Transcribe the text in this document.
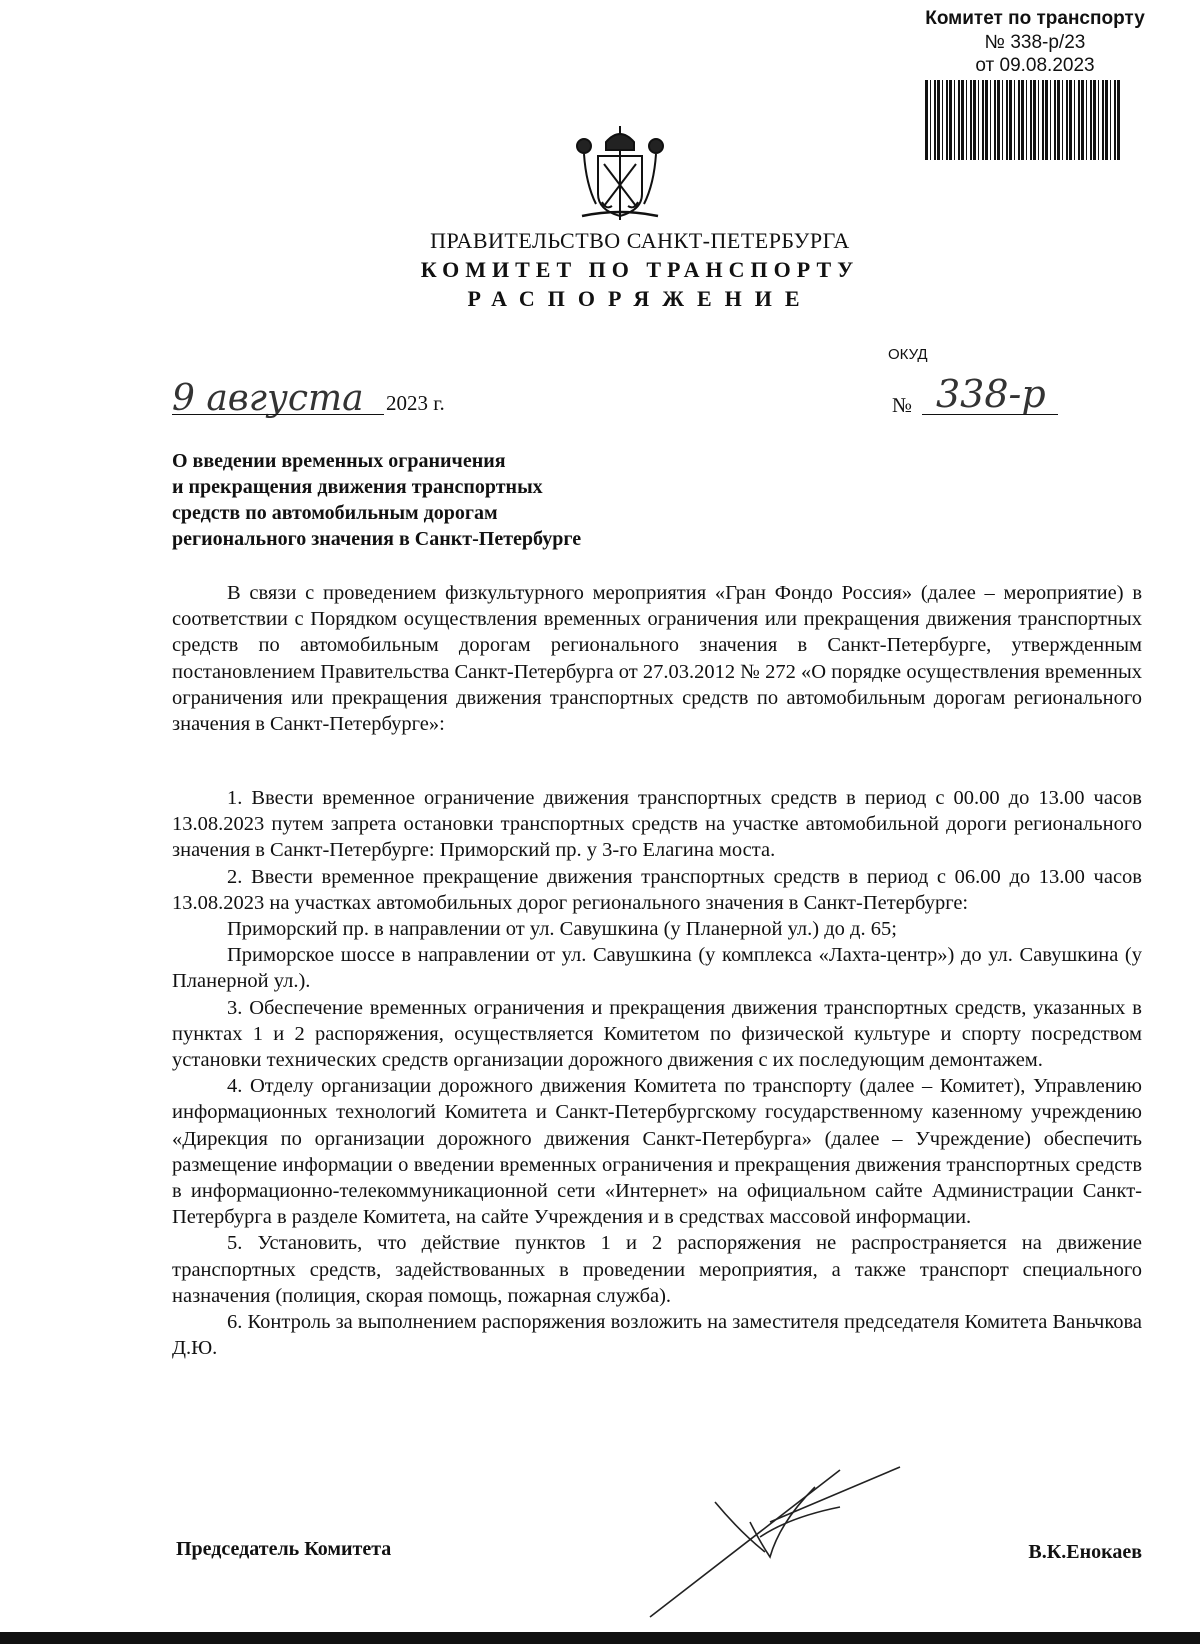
Комитет по транспорту
№ 338-р/23
от 09.08.2023
ПРАВИТЕЛЬСТВО САНКТ-ПЕТЕРБУРГА
КОМИТЕТ ПО ТРАНСПОРТУ
РАСПОРЯЖЕНИЕ
ОКУД
9 августа 2023 г.	№ 338-р
О введении временных ограничения
и прекращения движения транспортных
средств по автомобильным дорогам
регионального значения в Санкт-Петербурге

В связи с проведением физкультурного мероприятия «Гран Фондо Россия» (далее – мероприятие) в соответствии с Порядком осуществления временных ограничения или прекращения движения транспортных средств по автомобильным дорогам регионального значения в Санкт-Петербурге, утвержденным постановлением Правительства Санкт-Петербурга от 27.03.2012 № 272 «О порядке осуществления временных ограничения или прекращения движения транспортных средств по автомобильным дорогам регионального значения в Санкт-Петербурге»:

1. Ввести временное ограничение движения транспортных средств в период с 00.00 до 13.00 часов 13.08.2023 путем запрета остановки транспортных средств на участке автомобильной дороги регионального значения в Санкт-Петербурге: Приморский пр. у 3-го Елагина моста.

2. Ввести временное прекращение движения транспортных средств в период с 06.00 до 13.00 часов 13.08.2023 на участках автомобильных дорог регионального значения в Санкт-Петербурге:

Приморский пр. в направлении от ул. Савушкина (у Планерной ул.) до д. 65;

Приморское шоссе в направлении от ул. Савушкина (у комплекса «Лахта-центр») до ул. Савушкина (у Планерной ул.).

3. Обеспечение временных ограничения и прекращения движения транспортных средств, указанных в пунктах 1 и 2 распоряжения, осуществляется Комитетом по физической культуре и спорту посредством установки технических средств организации дорожного движения с их последующим демонтажем.

4. Отделу организации дорожного движения Комитета по транспорту (далее – Комитет), Управлению информационных технологий Комитета и Санкт-Петербургскому государственному казенному учреждению «Дирекция по организации дорожного движения Санкт-Петербурга» (далее – Учреждение) обеспечить размещение информации о введении временных ограничения и прекращения движения транспортных средств в информационно-телекоммуникационной сети «Интернет» на официальном сайте Администрации Санкт-Петербурга в разделе Комитета, на сайте Учреждения и в средствах массовой информации.

5. Установить, что действие пунктов 1 и 2 распоряжения не распространяется на движение транспортных средств, задействованных в проведении мероприятия, а также транспорт специального назначения (полиция, скорая помощь, пожарная служба).

6. Контроль за выполнением распоряжения возложить на заместителя председателя Комитета Ваньчкова Д.Ю.

Председатель Комитета	В.К.Енокаев
